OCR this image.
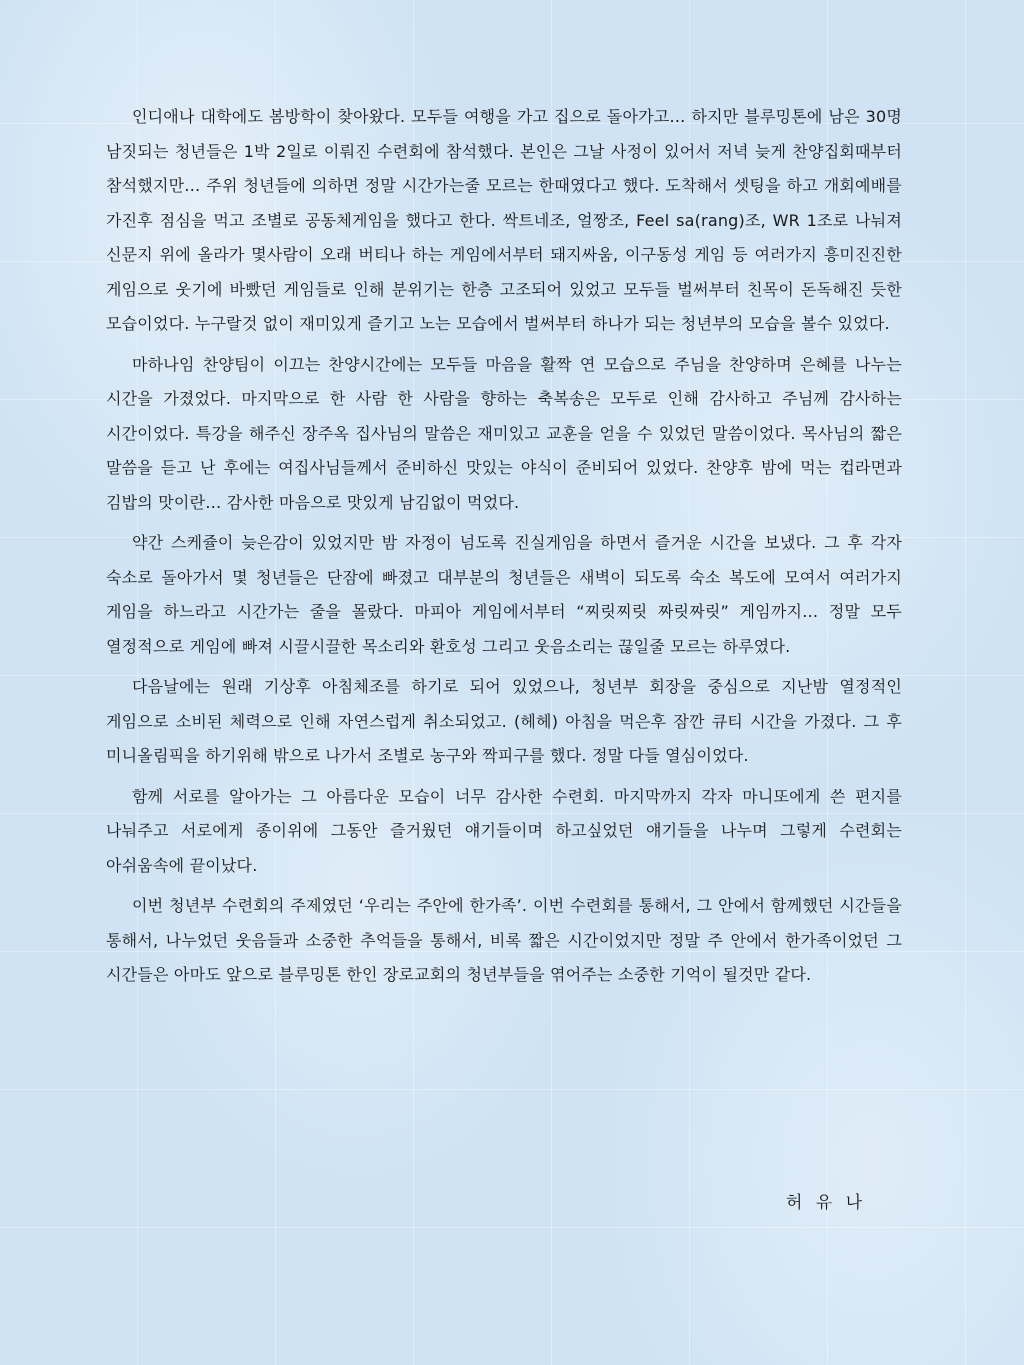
인디애나 대학에도 봄방학이 찾아왔다. 모두들 여행을 가고 집으로 돌아가고… 하지만 블루밍톤에 남은 30명 남짓되는 청년들은 1박 2일로 이뤄진 수련회에 참석했다. 본인은 그날 사정이 있어서 저녁 늦게 찬양집회때부터 참석했지만… 주위 청년들에 의하면 정말 시간가는줄 모르는 한때였다고 했다. 도착해서 셋팅을 하고 개회예배를 가진후 점심을 먹고 조별로 공동체게임을 했다고 한다. 싹트네조, 얼짱조, Feel sa(rang)조, WR 1조로 나눠져 신문지 위에 올라가 몇사람이 오래 버티나 하는 게임에서부터 돼지싸움, 이구동성 게임 등 여러가지 흥미진진한 게임으로 웃기에 바빴던 게임들로 인해 분위기는 한층 고조되어 있었고 모두들 벌써부터 친목이 돈독해진 듯한 모습이었다. 누구랄것 없이 재미있게 즐기고 노는 모습에서 벌써부터 하나가 되는 청년부의 모습을 볼수 있었다.

마하나임 찬양팀이 이끄는 찬양시간에는 모두들 마음을 활짝 연 모습으로 주님을 찬양하며 은혜를 나누는 시간을 가졌었다. 마지막으로 한 사람 한 사람을 향하는 축복송은 모두로 인해 감사하고 주님께 감사하는 시간이었다. 특강을 해주신 장주옥 집사님의 말씀은 재미있고 교훈을 얻을 수 있었던 말씀이었다. 목사님의 짧은 말씀을 듣고 난 후에는 여집사님들께서 준비하신 맛있는 야식이 준비되어 있었다. 찬양후 밤에 먹는 컵라면과 김밥의 맛이란… 감사한 마음으로 맛있게 남김없이 먹었다.

약간 스케쥴이 늦은감이 있었지만 밤 자정이 넘도록 진실게임을 하면서 즐거운 시간을 보냈다. 그 후 각자 숙소로 돌아가서 몇 청년들은 단잠에 빠졌고 대부분의 청년들은 새벽이 되도록 숙소 복도에 모여서 여러가지 게임을 하느라고 시간가는 줄을 몰랐다. 마피아 게임에서부터 “찌릿찌릿 짜릿짜릿” 게임까지… 정말 모두 열정적으로 게임에 빠져 시끌시끌한 목소리와 환호성 그리고 웃음소리는 끊일줄 모르는 하루였다.

다음날에는 원래 기상후 아침체조를 하기로 되어 있었으나, 청년부 회장을 중심으로 지난밤 열정적인 게임으로 소비된 체력으로 인해 자연스럽게 취소되었고. (헤헤) 아침을 먹은후 잠깐 큐티 시간을 가졌다. 그 후 미니올림픽을 하기위해 밖으로 나가서 조별로 농구와 짝피구를 했다. 정말 다들 열심이었다.

함께 서로를 알아가는 그 아름다운 모습이 너무 감사한 수련회. 마지막까지 각자 마니또에게 쓴 편지를 나눠주고 서로에게 종이위에 그동안 즐거웠던 얘기들이며 하고싶었던 얘기들을 나누며 그렇게 수련회는 아쉬움속에 끝이났다.

이번 청년부 수련회의 주제였던 ‘우리는 주안에 한가족’. 이번 수련회를 통해서, 그 안에서 함께했던 시간들을 통해서, 나누었던 웃음들과 소중한 추억들을 통해서, 비록 짧은 시간이었지만 정말 주 안에서 한가족이었던 그 시간들은 아마도 앞으로 블루밍톤 한인 장로교회의 청년부들을 엮어주는 소중한 기억이 될것만 같다.

허 유 나
